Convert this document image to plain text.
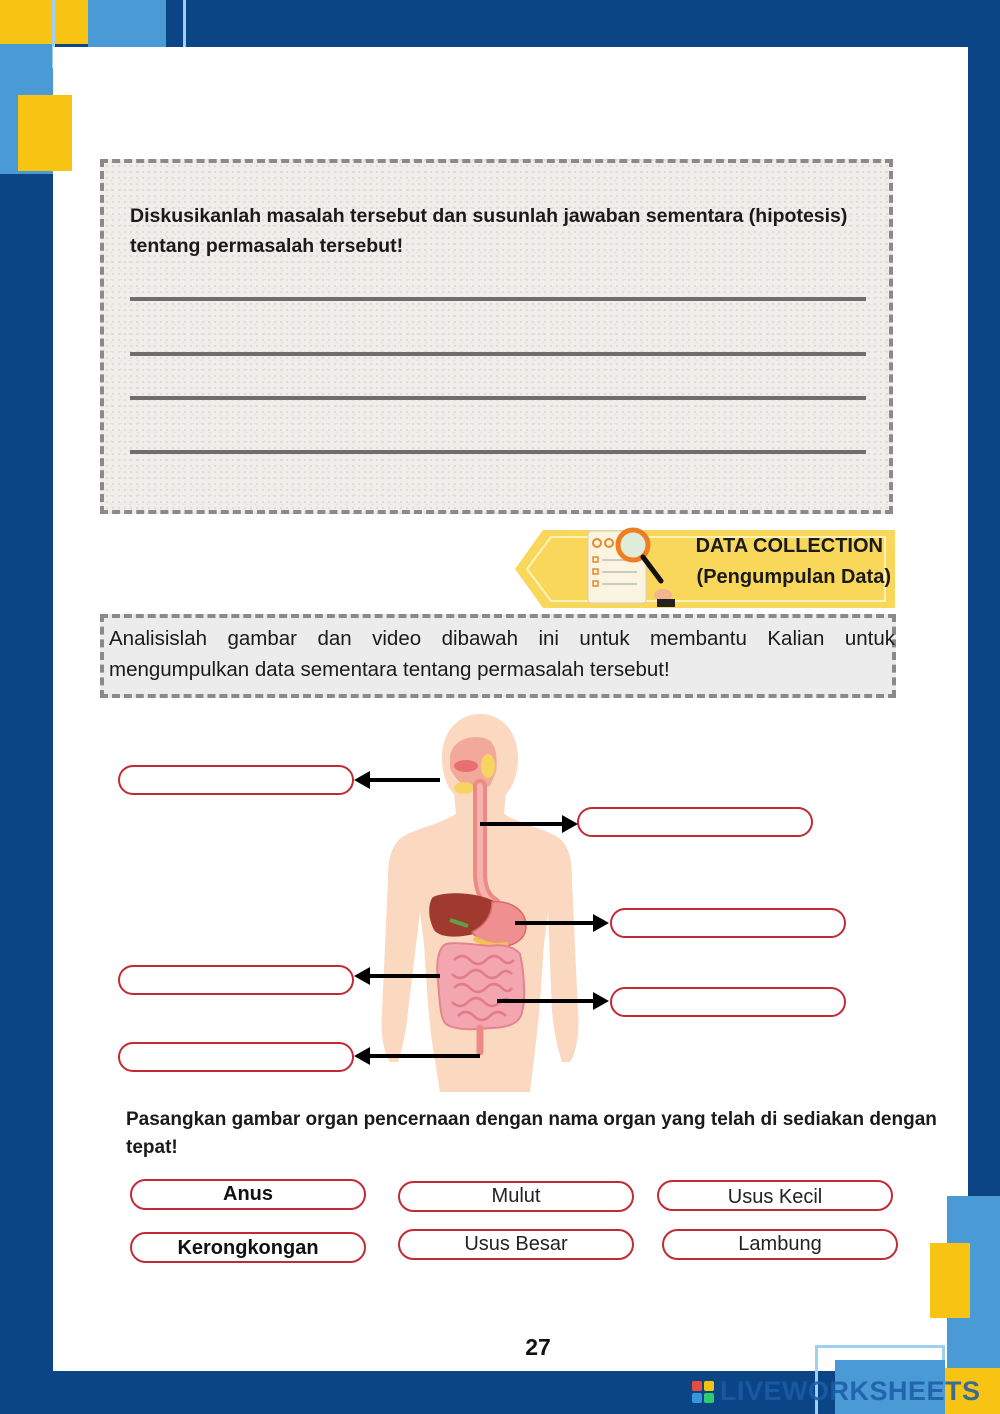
Diskusikanlah masalah tersebut dan susunlah jawaban sementara (hipotesis) tentang permasalah tersebut!
DATA COLLECTION
(Pengumpulan Data)
Analisislah gambar dan video dibawah ini untuk membantu Kalian untuk mengumpulkan data sementara tentang permasalah tersebut!
Pasangkan gambar organ pencernaan dengan nama organ yang telah di sediakan dengan tepat!
Anus	Mulut	Usus Kecil
Kerongkongan	Usus Besar	Lambung
27
LIVEWORKSHEETS
